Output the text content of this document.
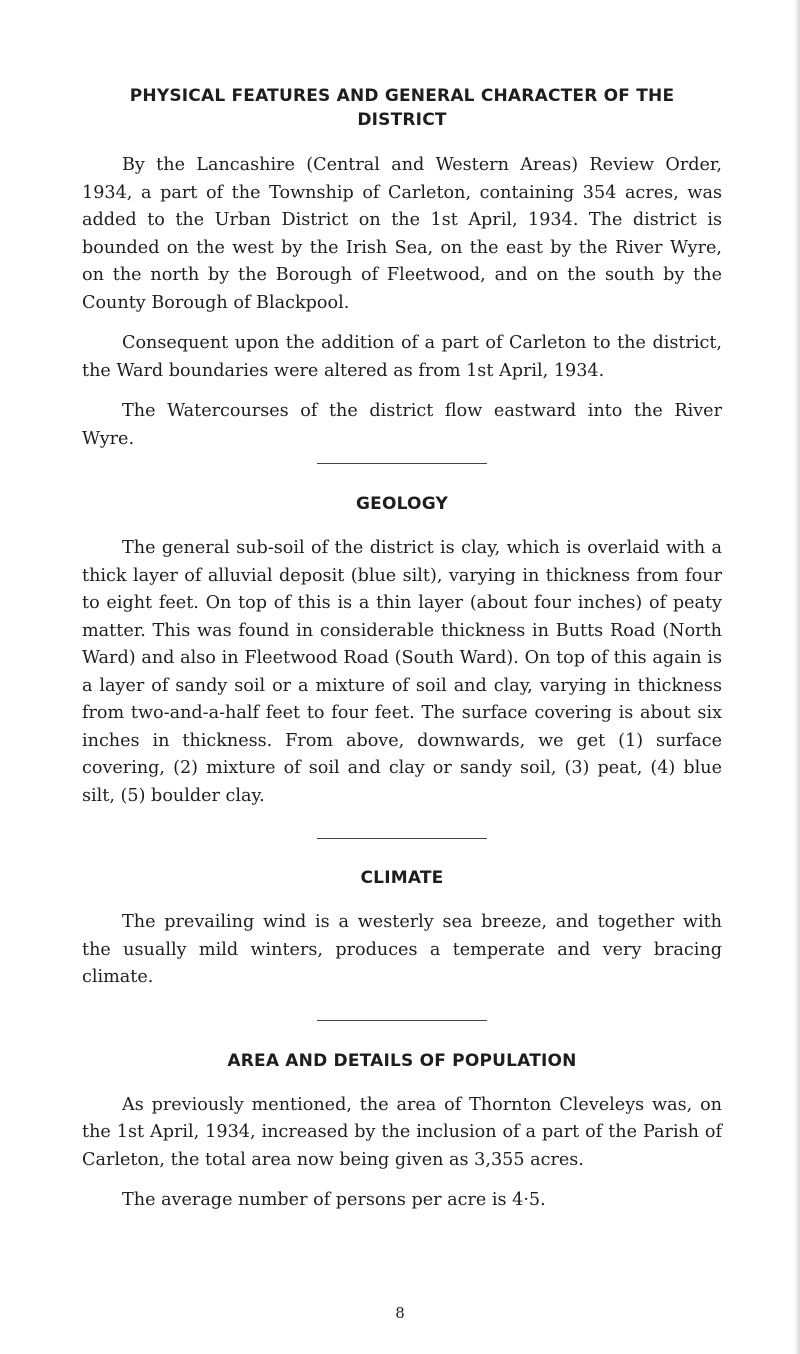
PHYSICAL FEATURES AND GENERAL CHARACTER OF THE DISTRICT

By the Lancashire (Central and Western Areas) Review Order, 1934, a part of the Township of Carleton, containing 354 acres, was added to the Urban District on the 1st April, 1934. The district is bounded on the west by the Irish Sea, on the east by the River Wyre, on the north by the Borough of Fleetwood, and on the south by the County Borough of Blackpool.

Consequent upon the addition of a part of Carleton to the district, the Ward boundaries were altered as from 1st April, 1934.

The Watercourses of the district flow eastward into the River Wyre.

GEOLOGY

The general sub-soil of the district is clay, which is overlaid with a thick layer of alluvial deposit (blue silt), varying in thickness from four to eight feet. On top of this is a thin layer (about four inches) of peaty matter. This was found in considerable thickness in Butts Road (North Ward) and also in Fleetwood Road (South Ward). On top of this again is a layer of sandy soil or a mixture of soil and clay, varying in thickness from two-and-a-half feet to four feet. The surface covering is about six inches in thickness. From above, downwards, we get (1) surface covering, (2) mixture of soil and clay or sandy soil, (3) peat, (4) blue silt, (5) boulder clay.

CLIMATE

The prevailing wind is a westerly sea breeze, and together with the usually mild winters, produces a temperate and very bracing climate.

AREA AND DETAILS OF POPULATION

As previously mentioned, the area of Thornton Cleveleys was, on the 1st April, 1934, increased by the inclusion of a part of the Parish of Carleton, the total area now being given as 3,355 acres.

The average number of persons per acre is 4·5.

8
